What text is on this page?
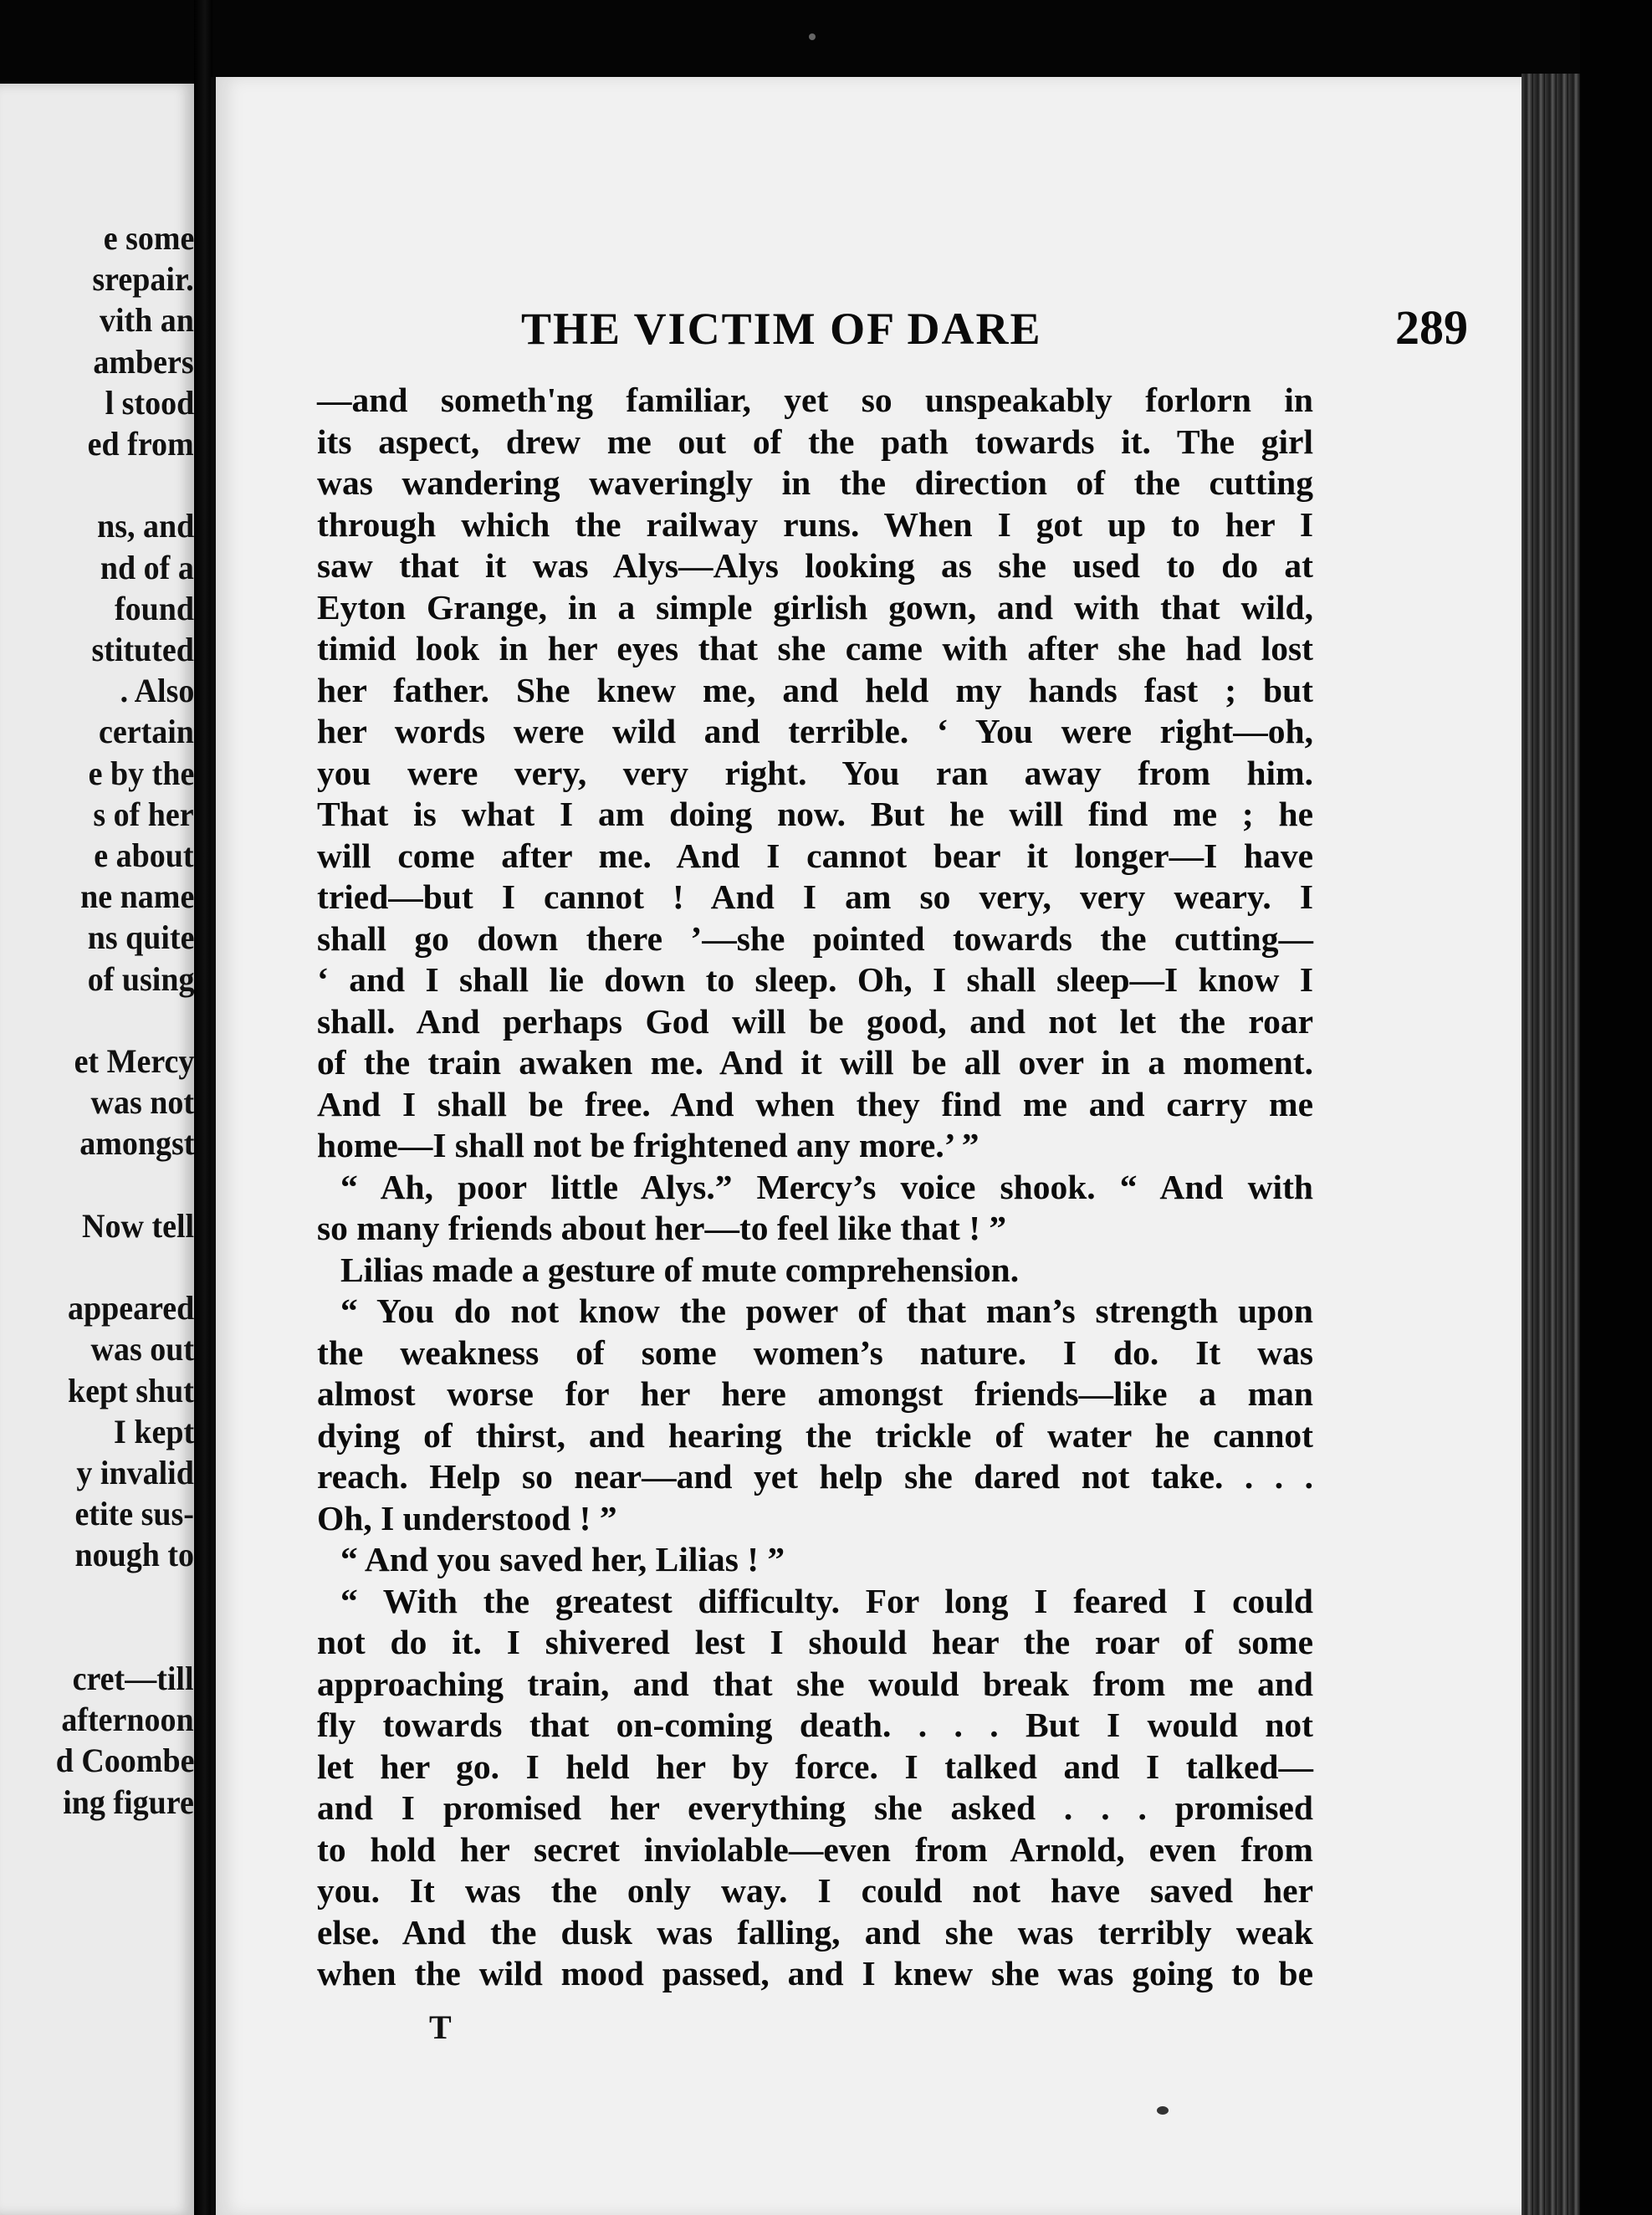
e some
srepair.
vith an
ambers
l stood
ed from
ns, and
nd of a
found
stituted
. Also
certain
e by the
s of her
e about
ne name
ns quite
of using
et Mercy
was not
amongst
Now tell
appeared
was out
kept shut
I kept
y invalid
etite sus-
nough to
cret—till
afternoon
d Coombe
ing figure
THE VICTIM OF DARE	289
—and someth'ng familiar, yet so unspeakably forlorn in
its aspect, drew me out of the path towards it. The girl
was wandering waveringly in the direction of the cutting
through which the railway runs. When I got up to her I
saw that it was Alys—Alys looking as she used to do at
Eyton Grange, in a simple girlish gown, and with that wild,
timid look in her eyes that she came with after she had lost
her father. She knew me, and held my hands fast ; but
her words were wild and terrible. ‘ You were right—oh,
you were very, very right. You ran away from him.
That is what I am doing now. But he will find me ; he
will come after me. And I cannot bear it longer—I have
tried—but I cannot ! And I am so very, very weary. I
shall go down there ’—she pointed towards the cutting—
‘ and I shall lie down to sleep. Oh, I shall sleep—I know I
shall. And perhaps God will be good, and not let the roar
of the train awaken me. And it will be all over in a moment.
And I shall be free. And when they find me and carry me
home—I shall not be frightened any more.’ ”
“ Ah, poor little Alys.” Mercy’s voice shook. “ And with
so many friends about her—to feel like that ! ”
Lilias made a gesture of mute comprehension.
“ You do not know the power of that man’s strength upon
the weakness of some women’s nature. I do. It was
almost worse for her here amongst friends—like a man
dying of thirst, and hearing the trickle of water he cannot
reach. Help so near—and yet help she dared not take. . . .
Oh, I understood ! ”
“ And you saved her, Lilias ! ”
“ With the greatest difficulty. For long I feared I could
not do it. I shivered lest I should hear the roar of some
approaching train, and that she would break from me and
fly towards that on-coming death. . . . But I would not
let her go. I held her by force. I talked and I talked—
and I promised her everything she asked . . . promised
to hold her secret inviolable—even from Arnold, even from
you. It was the only way. I could not have saved her
else. And the dusk was falling, and she was terribly weak
when the wild mood passed, and I knew she was going to be
T
